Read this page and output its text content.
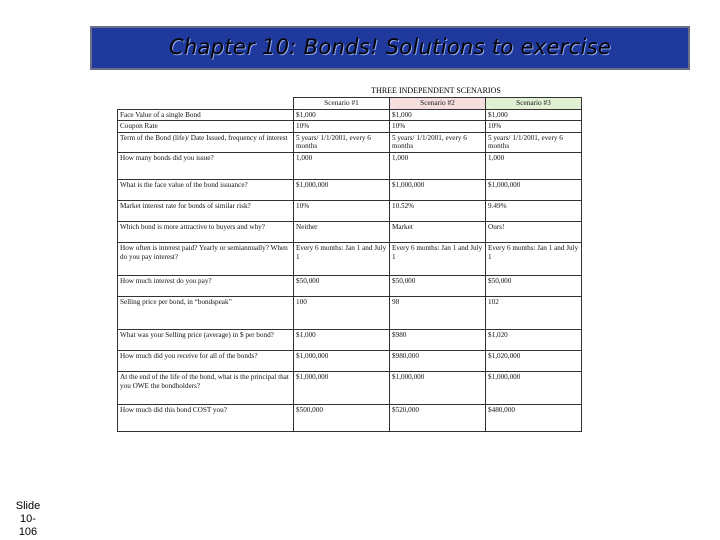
Chapter 10: Bonds! Solutions to exercise
THREE INDEPENDENT SCENARIOS
	Scenario #1	Scenario #2	Scenario #3
Face Value of a single Bond	$1,000	$1,000	$1,000
Coupon Rate	10%	10%	10%
Term of the Bond (life)/ Date Issued, frequency of interest	5 years/ 1/1/2001, every 6 months	5 years/ 1/1/2001, every 6 months	5 years/ 1/1/2001, every 6 months
How many bonds did you issue?	1,000	1,000	1,000
What is the face value of the bond issuance?	$1,000,000	$1,000,000	$1,000,000
Market interest rate for bonds of similar risk?	10%	10.52%	9.49%
Which bond is more attractive to buyers and why?	Neither	Market	Ours!
How often is interest paid? Yearly or semiannually? When do you pay interest?	Every 6 months: Jan 1 and July 1	Every 6 months: Jan 1 and July 1	Every 6 months: Jan 1 and July 1
How much interest do you pay?	$50,000	$50,000	$50,000
Selling price per bond, in “bondspeak”	100	98	102
What was your Selling price (average) in $ per bond?	$1,000	$980	$1,020
How much did you receive for all of the bonds?	$1,000,000	$980,000	$1,020,000
At the end of the life of the bond, what is the principal that you OWE the bondholders?	$1,000,000	$1,000,000	$1,000,000
How much did this bond COST you?	$500,000	$520,000	$480,000
Slide
10-
106
